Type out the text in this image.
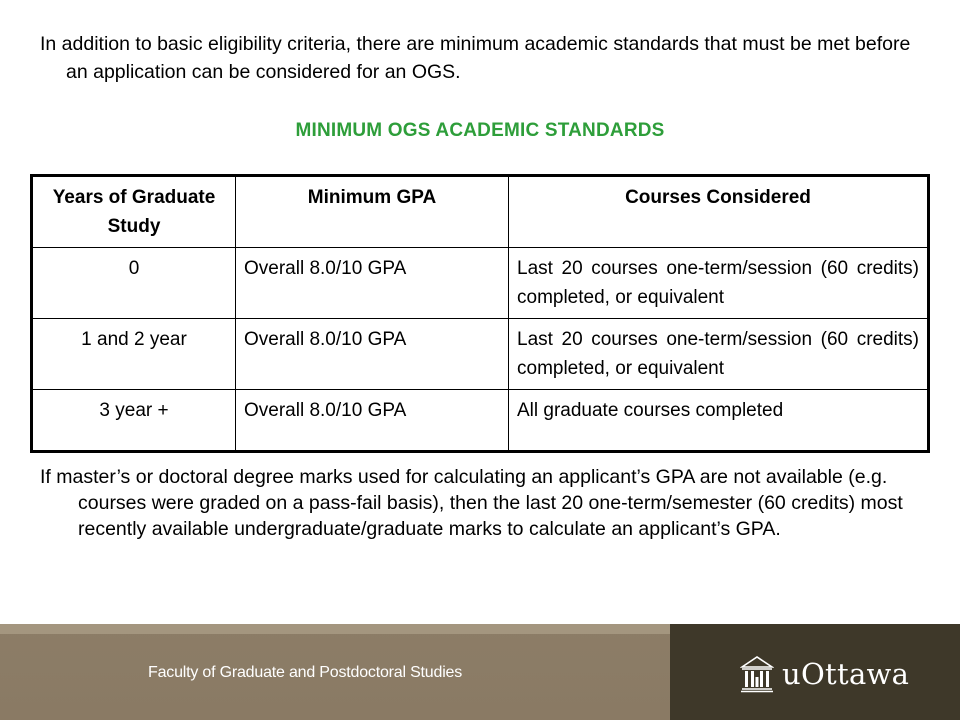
In addition to basic eligibility criteria, there are minimum academic standards that must be met before an application can be considered for an OGS.

MINIMUM OGS ACADEMIC STANDARDS
Years of Graduate Study	Minimum GPA	Courses Considered
0	Overall 8.0/10 GPA	Last 20 courses one-term/session (60 credits) completed, or equivalent
1 and 2 year	Overall 8.0/10 GPA	Last 20 courses one-term/session (60 credits) completed, or equivalent
3 year +	Overall 8.0/10 GPA	All graduate courses completed

If master’s or doctoral degree marks used for calculating an applicant’s GPA are not available (e.g. courses were graded on a pass-fail basis), then the last 20 one-term/semester (60 credits) most recently available undergraduate/graduate marks to calculate an applicant’s GPA.

Faculty of Graduate and Postdoctoral Studies	uOttawa
